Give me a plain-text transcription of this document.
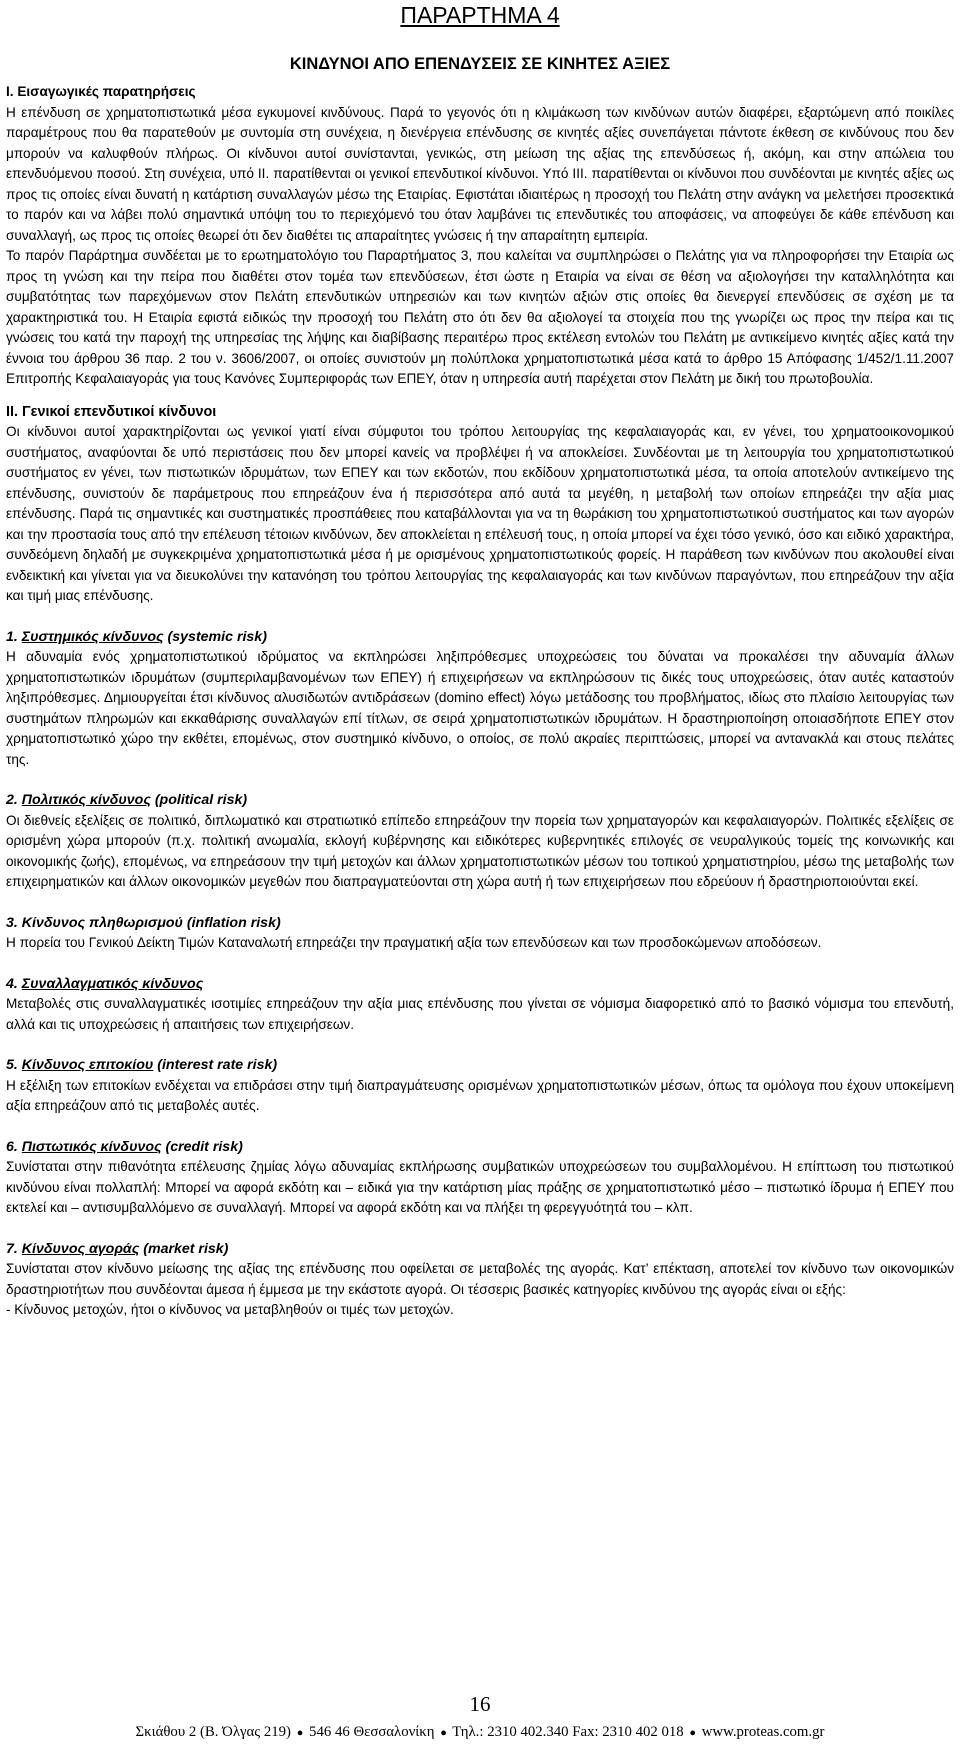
ΠΑΡΑΡΤΗΜΑ 4
ΚΙΝΔΥΝΟΙ ΑΠΟ ΕΠΕΝΔΥΣΕΙΣ ΣΕ ΚΙΝΗΤΕΣ ΑΞΙΕΣ
Ι. Εισαγωγικές παρατηρήσεις

Η επένδυση σε χρηματοπιστωτικά μέσα εγκυμονεί κινδύνους. Παρά το γεγονός ότι η κλιμάκωση των κινδύνων αυτών διαφέρει, εξαρτώμενη από ποικίλες παραμέτρους που θα παρατεθούν με συντομία στη συνέχεια, η διενέργεια επένδυσης σε κινητές αξίες συνεπάγεται πάντοτε έκθεση σε κινδύνους που δεν μπορούν να καλυφθούν πλήρως. Οι κίνδυνοι αυτοί συνίστανται, γενικώς, στη μείωση της αξίας της επενδύσεως ή, ακόμη, και στην απώλεια του επενδυόμενου ποσού. Στη συνέχεια, υπό ΙΙ. παρατίθενται οι γενικοί επενδυτικοί κίνδυνοι. Υπό ΙΙΙ. παρατίθενται οι κίνδυνοι που συνδέονται με κινητές αξίες ως προς τις οποίες είναι δυνατή η κατάρτιση συναλλαγών μέσω της Εταιρίας. Εφιστάται ιδιαιτέρως η προσοχή του Πελάτη στην ανάγκη να μελετήσει προσεκτικά το παρόν και να λάβει πολύ σημαντικά υπόψη του το περιεχόμενό του όταν λαμβάνει τις επενδυτικές του αποφάσεις, να αποφεύγει δε κάθε επένδυση και συναλλαγή, ως προς τις οποίες θεωρεί ότι δεν διαθέτει τις απαραίτητες γνώσεις ή την απαραίτητη εμπειρία.

Το παρόν Παράρτημα συνδέεται με το ερωτηματολόγιο του Παραρτήματος 3, που καλείται να συμπληρώσει ο Πελάτης για να πληροφορήσει την Εταιρία ως προς τη γνώση και την πείρα που διαθέτει στον τομέα των επενδύσεων, έτσι ώστε η Εταιρία να είναι σε θέση να αξιολογήσει την καταλληλότητα και συμβατότητας των παρεχόμενων στον Πελάτη επενδυτικών υπηρεσιών και των κινητών αξιών στις οποίες θα διενεργεί επενδύσεις σε σχέση με τα χαρακτηριστικά του. Η Εταιρία εφιστά ειδικώς την προσοχή του Πελάτη στο ότι δεν θα αξιολογεί τα στοιχεία που της γνωρίζει ως προς την πείρα και τις γνώσεις του κατά την παροχή της υπηρεσίας της λήψης και διαβίβασης περαιτέρω προς εκτέλεση εντολών του Πελάτη με αντικείμενο κινητές αξίες κατά την έννοια του άρθρου 36 παρ. 2 του ν. 3606/2007, οι οποίες συνιστούν μη πολύπλοκα χρηματοπιστωτικά μέσα κατά το άρθρο 15 Απόφασης 1/452/1.11.2007 Επιτροπής Κεφαλαιαγοράς για τους Κανόνες Συμπεριφοράς των ΕΠΕΥ, όταν η υπηρεσία αυτή παρέχεται στον Πελάτη με δική του πρωτοβουλία.

ΙΙ. Γενικοί επενδυτικοί κίνδυνοι

Οι κίνδυνοι αυτοί χαρακτηρίζονται ως γενικοί γιατί είναι σύμφυτοι του τρόπου λειτουργίας της κεφαλαιαγοράς και, εν γένει, του χρηματοοικονομικού συστήματος, αναφύονται δε υπό περιστάσεις που δεν μπορεί κανείς να προβλέψει ή να αποκλείσει. Συνδέονται με τη λειτουργία του χρηματοπιστωτικού συστήματος εν γένει, των πιστωτικών ιδρυμάτων, των ΕΠΕΥ και των εκδοτών, που εκδίδουν χρηματοπιστωτικά μέσα, τα οποία αποτελούν αντικείμενο της επένδυσης, συνιστούν δε παράμετρους που επηρεάζουν ένα ή περισσότερα από αυτά τα μεγέθη, η μεταβολή των οποίων επηρεάζει την αξία μιας επένδυσης. Παρά τις σημαντικές και συστηματικές προσπάθειες που καταβάλλονται για να τη θωράκιση του χρηματοπιστωτικού συστήματος και των αγορών και την προστασία τους από την επέλευση τέτοιων κινδύνων, δεν αποκλείεται η επέλευσή τους, η οποία μπορεί να έχει τόσο γενικό, όσο και ειδικό χαρακτήρα, συνδεόμενη δηλαδή με συγκεκριμένα χρηματοπιστωτικά μέσα ή με ορισμένους χρηματοπιστωτικούς φορείς. Η παράθεση των κινδύνων που ακολουθεί είναι ενδεικτική και γίνεται για να διευκολύνει την κατανόηση του τρόπου λειτουργίας της κεφαλαιαγοράς και των κινδύνων παραγόντων, που επηρεάζουν την αξία και τιμή μιας επένδυσης.

1. Συστημικός κίνδυνος (systemic risk)

Η αδυναμία ενός χρηματοπιστωτικού ιδρύματος να εκπληρώσει ληξιπρόθεσμες υποχρεώσεις του δύναται να προκαλέσει την αδυναμία άλλων χρηματοπιστωτικών ιδρυμάτων (συμπεριλαμβανομένων των ΕΠΕΥ) ή επιχειρήσεων να εκπληρώσουν τις δικές τους υποχρεώσεις, όταν αυτές καταστούν ληξιπρόθεσμες. Δημιουργείται έτσι κίνδυνος αλυσιδωτών αντιδράσεων (domino effect) λόγω μετάδοσης του προβλήματος, ιδίως στο πλαίσιο λειτουργίας των συστημάτων πληρωμών και εκκαθάρισης συναλλαγών επί τίτλων, σε σειρά χρηματοπιστωτικών ιδρυμάτων. Η δραστηριοποίηση οποιασδήποτε ΕΠΕΥ στον χρηματοπιστωτικό χώρο την εκθέτει, επομένως, στον συστημικό κίνδυνο, ο οποίος, σε πολύ ακραίες περιπτώσεις, μπορεί να αντανακλά και στους πελάτες της.

2. Πολιτικός κίνδυνος (political risk)

Οι διεθνείς εξελίξεις σε πολιτικό, διπλωματικό και στρατιωτικό επίπεδο επηρεάζουν την πορεία των χρηματαγορών και κεφαλαιαγορών. Πολιτικές εξελίξεις σε ορισμένη χώρα μπορούν (π.χ. πολιτική ανωμαλία, εκλογή κυβέρνησης και ειδικότερες κυβερνητικές επιλογές σε νευραλγικούς τομείς της κοινωνικής και οικονομικής ζωής), επομένως, να επηρεάσουν την τιμή μετοχών και άλλων χρηματοπιστωτικών μέσων του τοπικού χρηματιστηρίου, μέσω της μεταβολής των επιχειρηματικών και άλλων οικονομικών μεγεθών που διαπραγματεύονται στη χώρα αυτή ή των επιχειρήσεων που εδρεύουν ή δραστηριοποιούνται εκεί.

3. Κίνδυνος πληθωρισμού (inflation risk)

Η πορεία του Γενικού Δείκτη Τιμών Καταναλωτή επηρεάζει την πραγματική αξία των επενδύσεων και των προσδοκώμενων αποδόσεων.

4. Συναλλαγματικός κίνδυνος

Μεταβολές στις συναλλαγματικές ισοτιμίες επηρεάζουν την αξία μιας επένδυσης που γίνεται σε νόμισμα διαφορετικό από το βασικό νόμισμα του επενδυτή, αλλά και τις υποχρεώσεις ή απαιτήσεις των επιχειρήσεων.

5. Κίνδυνος επιτοκίου (interest rate risk)

Η εξέλιξη των επιτοκίων ενδέχεται να επιδράσει στην τιμή διαπραγμάτευσης ορισμένων χρηματοπιστωτικών μέσων, όπως τα ομόλογα που έχουν υποκείμενη αξία επηρεάζουν από τις μεταβολές αυτές.

6. Πιστωτικός κίνδυνος (credit risk)

Συνίσταται στην πιθανότητα επέλευσης ζημίας λόγω αδυναμίας εκπλήρωσης συμβατικών υποχρεώσεων του συμβαλλομένου. Η επίπτωση του πιστωτικού κινδύνου είναι πολλαπλή: Μπορεί να αφορά εκδότη και – ειδικά για την κατάρτιση μίας πράξης σε χρηματοπιστωτικό μέσο – πιστωτικό ίδρυμα ή ΕΠΕΥ που εκτελεί και – αντισυμβαλλόμενο σε συναλλαγή. Μπορεί να αφορά εκδότη και να πλήξει τη φερεγγυότητά του – κλπ.

7. Κίνδυνος αγοράς (market risk)

Συνίσταται στον κίνδυνο μείωσης της αξίας της επένδυσης που οφείλεται σε μεταβολές της αγοράς. Κατ’ επέκταση, αποτελεί τον κίνδυνο των οικονομικών δραστηριοτήτων που συνδέονται άμεσα ή έμμεσα με την εκάστοτε αγορά. Οι τέσσερις βασικές κατηγορίες κινδύνου της αγοράς είναι οι εξής:

- Κίνδυνος μετοχών, ήτοι ο κίνδυνος να μεταβληθούν οι τιμές των μετοχών.

16
Σκιάθου 2 (Β. Όλγας 219) ● 546 46 Θεσσαλονίκη ● Τηλ.: 2310 402.340 Fax: 2310 402 018 ● www.proteas.com.gr
